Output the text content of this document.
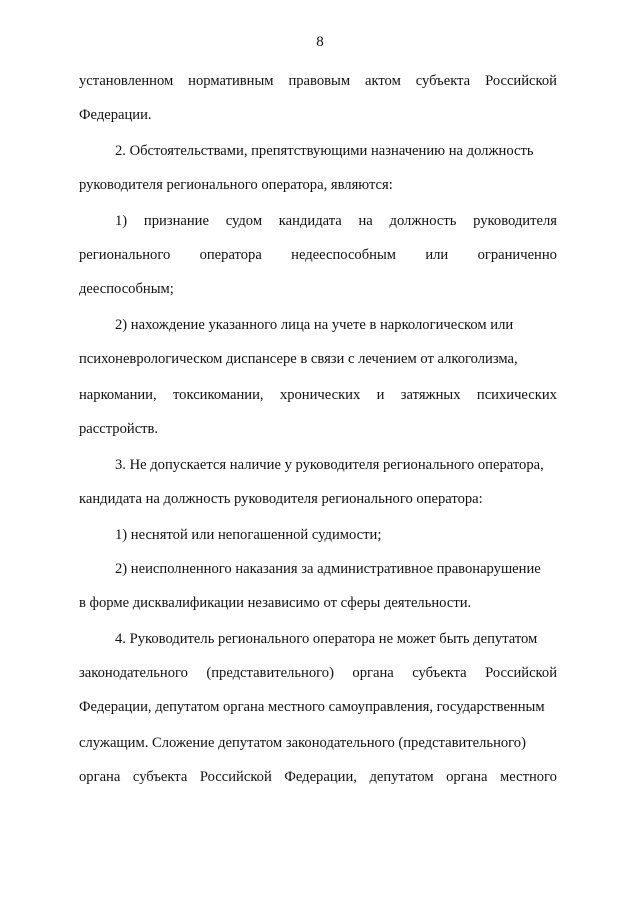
8
установленном нормативным правовым актом субъекта Российской
Федерации.
2. Обстоятельствами, препятствующими назначению на должность
руководителя регионального оператора, являются:
1) признание судом кандидата на должность руководителя
регионального оператора недееспособным или ограниченно
дееспособным;
2) нахождение указанного лица на учете в наркологическом или
психоневрологическом диспансере в связи с лечением от алкоголизма,
наркомании, токсикомании, хронических и затяжных психических
расстройств.
3. Не допускается наличие у руководителя регионального оператора,
кандидата на должность руководителя регионального оператора:
1) неснятой или непогашенной судимости;
2) неисполненного наказания за административное правонарушение
в форме дисквалификации независимо от сферы деятельности.
4. Руководитель регионального оператора не может быть депутатом
законодательного (представительного) органа субъекта Российской
Федерации, депутатом органа местного самоуправления, государственным
служащим. Сложение депутатом законодательного (представительного)
органа субъекта Российской Федерации, депутатом органа местного
